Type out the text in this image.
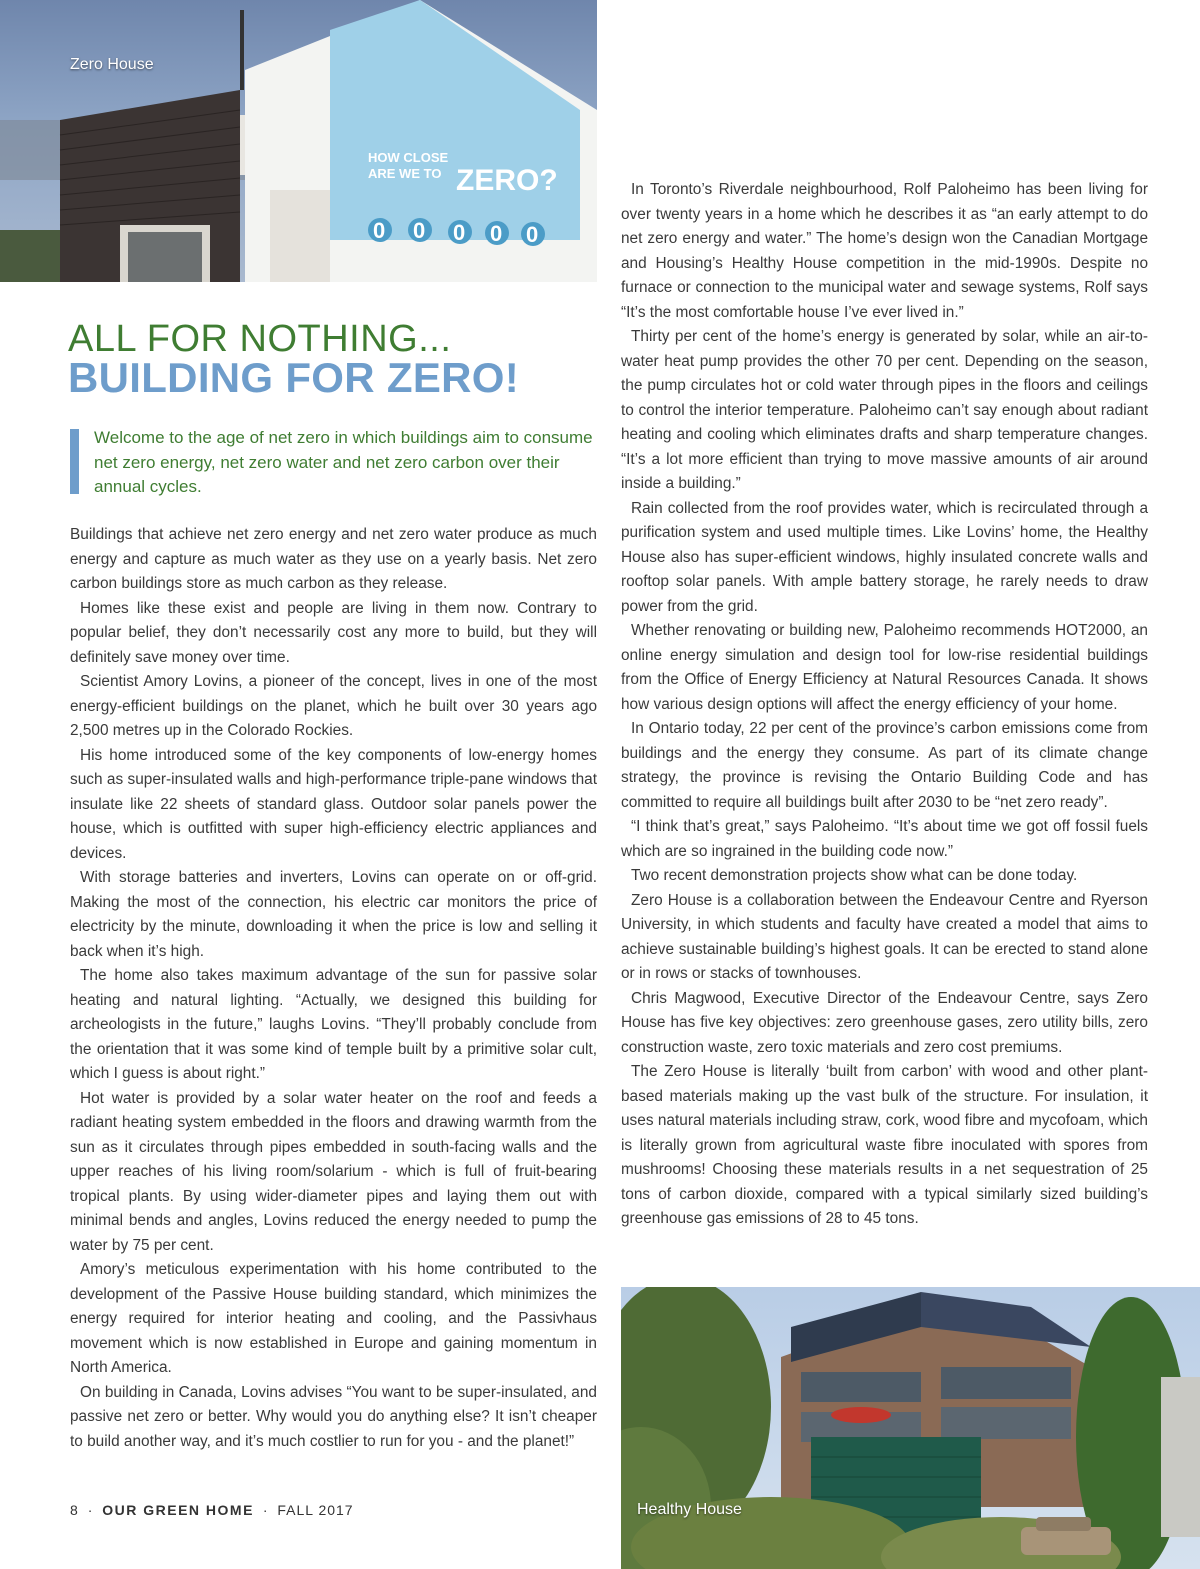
HOW CLOSE
ARE WE TO ZERO?
0 0 0 0 0
Zero House
ALL FOR NOTHING...
BUILDING FOR ZERO!

Welcome to the age of net zero in which buildings aim to consume net zero energy, net zero water and net zero carbon over their annual cycles.

Buildings that achieve net zero energy and net zero water produce as much energy and capture as much water as they use on a yearly basis. Net zero carbon buildings store as much carbon as they release.

Homes like these exist and people are living in them now. Contrary to popular belief, they don’t necessarily cost any more to build, but they will definitely save money over time.

Scientist Amory Lovins, a pioneer of the concept, lives in one of the most energy-efficient buildings on the planet, which he built over 30 years ago 2,500 metres up in the Colorado Rockies.

His home introduced some of the key components of low-energy homes such as super-insulated walls and high-performance triple-pane windows that insulate like 22 sheets of standard glass. Outdoor solar panels power the house, which is outfitted with super high-efficiency electric appliances and devices.

With storage batteries and inverters, Lovins can operate on or off-grid. Making the most of the connection, his electric car monitors the price of electricity by the minute, downloading it when the price is low and selling it back when it’s high.

The home also takes maximum advantage of the sun for passive solar heating and natural lighting. “Actually, we designed this building for archeologists in the future,” laughs Lovins. “They’ll probably conclude from the orientation that it was some kind of temple built by a primitive solar cult, which I guess is about right.”

Hot water is provided by a solar water heater on the roof and feeds a radiant heating system embedded in the floors and drawing warmth from the sun as it circulates through pipes embedded in south-facing walls and the upper reaches of his living room/solarium - which is full of fruit-bearing tropical plants. By using wider-diameter pipes and laying them out with minimal bends and angles, Lovins reduced the energy needed to pump the water by 75 per cent.

Amory’s meticulous experimentation with his home contributed to the development of the Passive House building standard, which minimizes the energy required for interior heating and cooling, and the Passivhaus movement which is now established in Europe and gaining momentum in North America.

On building in Canada, Lovins advises “You want to be super-insulated, and passive net zero or better. Why would you do anything else? It isn’t cheaper to build another way, and it’s much costlier to run for you - and the planet!”

In Toronto’s Riverdale neighbourhood, Rolf Paloheimo has been living for over twenty years in a home which he describes it as “an early attempt to do net zero energy and water.” The home’s design won the Canadian Mortgage and Housing’s Healthy House competition in the mid-1990s. Despite no furnace or connection to the municipal water and sewage systems, Rolf says “It’s the most comfortable house I’ve ever lived in.”

Thirty per cent of the home’s energy is generated by solar, while an air-to-water heat pump provides the other 70 per cent. Depending on the season, the pump circulates hot or cold water through pipes in the floors and ceilings to control the interior temperature. Paloheimo can’t say enough about radiant heating and cooling which eliminates drafts and sharp temperature changes. “It’s a lot more efficient than trying to move massive amounts of air around inside a building.”

Rain collected from the roof provides water, which is recirculated through a purification system and used multiple times. Like Lovins’ home, the Healthy House also has super-efficient windows, highly insulated concrete walls and rooftop solar panels. With ample battery storage, he rarely needs to draw power from the grid.

Whether renovating or building new, Paloheimo recommends HOT2000, an online energy simulation and design tool for low-rise residential buildings from the Office of Energy Efficiency at Natural Resources Canada. It shows how various design options will affect the energy efficiency of your home.

In Ontario today, 22 per cent of the province’s carbon emissions come from buildings and the energy they consume. As part of its climate change strategy, the province is revising the Ontario Building Code and has committed to require all buildings built after 2030 to be “net zero ready”.

“I think that’s great,” says Paloheimo. “It’s about time we got off fossil fuels which are so ingrained in the building code now.”

Two recent demonstration projects show what can be done today.

Zero House is a collaboration between the Endeavour Centre and Ryerson University, in which students and faculty have created a model that aims to achieve sustainable building’s highest goals. It can be erected to stand alone or in rows or stacks of townhouses.

Chris Magwood, Executive Director of the Endeavour Centre, says Zero House has five key objectives: zero greenhouse gases, zero utility bills, zero construction waste, zero toxic materials and zero cost premiums.

The Zero House is literally ‘built from carbon’ with wood and other plant-based materials making up the vast bulk of the structure. For insulation, it uses natural materials including straw, cork, wood fibre and mycofoam, which is literally grown from agricultural waste fibre inoculated with spores from mushrooms! Choosing these materials results in a net sequestration of 25 tons of carbon dioxide, compared with a typical similarly sized building’s greenhouse gas emissions of 28 to 45 tons.

Healthy House
8 · OUR GREEN HOME · FALL 2017
